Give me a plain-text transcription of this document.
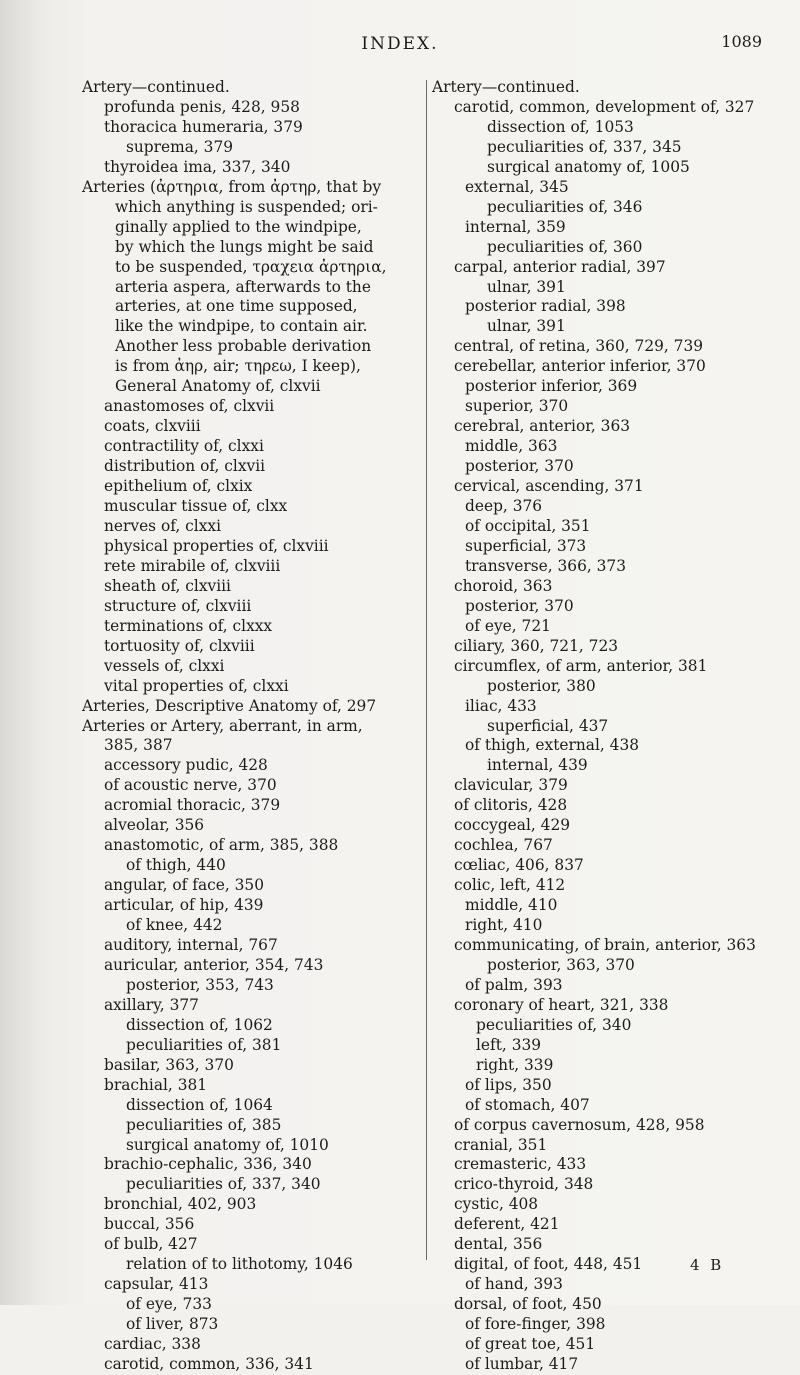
INDEX.	1089
Artery—continued.
profunda penis, 428, 958
thoracica humeraria, 379
suprema, 379
thyroidea ima, 337, 340
Arteries (ἀρτηρια, from ἀρτηρ, that by
which anything is suspended; ori-
ginally applied to the windpipe,
by which the lungs might be said
to be suspended, τραχεια ἀρτηρια,
arteria aspera, afterwards to the
arteries, at one time supposed,
like the windpipe, to contain air.
Another less probable derivation
is from ἀηρ, air; τηρεω, I keep),
General Anatomy of, clxvii
anastomoses of, clxvii
coats, clxviii
contractility of, clxxi
distribution of, clxvii
epithelium of, clxix
muscular tissue of, clxx
nerves of, clxxi
physical properties of, clxviii
rete mirabile of, clxviii
sheath of, clxviii
structure of, clxviii
terminations of, clxxx
tortuosity of, clxviii
vessels of, clxxi
vital properties of, clxxi
Arteries, Descriptive Anatomy of, 297
Arteries or Artery, aberrant, in arm,
385, 387
accessory pudic, 428
of acoustic nerve, 370
acromial thoracic, 379
alveolar, 356
anastomotic, of arm, 385, 388
of thigh, 440
angular, of face, 350
articular, of hip, 439
of knee, 442
auditory, internal, 767
auricular, anterior, 354, 743
posterior, 353, 743
axillary, 377
dissection of, 1062
peculiarities of, 381
basilar, 363, 370
brachial, 381
dissection of, 1064
peculiarities of, 385
surgical anatomy of, 1010
brachio-cephalic, 336, 340
peculiarities of, 337, 340
bronchial, 402, 903
buccal, 356
of bulb, 427
relation of to lithotomy, 1046
capsular, 413
of eye, 733
of liver, 873
cardiac, 338
carotid, common, 336, 341
Artery—continued.
carotid, common, development of, 327
dissection of, 1053
peculiarities of, 337, 345
surgical anatomy of, 1005
external, 345
peculiarities of, 346
internal, 359
peculiarities of, 360
carpal, anterior radial, 397
ulnar, 391
posterior radial, 398
ulnar, 391
central, of retina, 360, 729, 739
cerebellar, anterior inferior, 370
posterior inferior, 369
superior, 370
cerebral, anterior, 363
middle, 363
posterior, 370
cervical, ascending, 371
deep, 376
of occipital, 351
superficial, 373
transverse, 366, 373
choroid, 363
posterior, 370
of eye, 721
ciliary, 360, 721, 723
circumflex, of arm, anterior, 381
posterior, 380
iliac, 433
superficial, 437
of thigh, external, 438
internal, 439
clavicular, 379
of clitoris, 428
coccygeal, 429
cochlea, 767
cœliac, 406, 837
colic, left, 412
middle, 410
right, 410
communicating, of brain, anterior, 363
posterior, 363, 370
of palm, 393
coronary of heart, 321, 338
peculiarities of, 340
left, 339
right, 339
of lips, 350
of stomach, 407
of corpus cavernosum, 428, 958
cranial, 351
cremasteric, 433
crico-thyroid, 348
cystic, 408
deferent, 421
dental, 356
digital, of foot, 448, 451
of hand, 393
dorsal, of foot, 450
of fore-finger, 398
of great toe, 451
of lumbar, 417
4 B
